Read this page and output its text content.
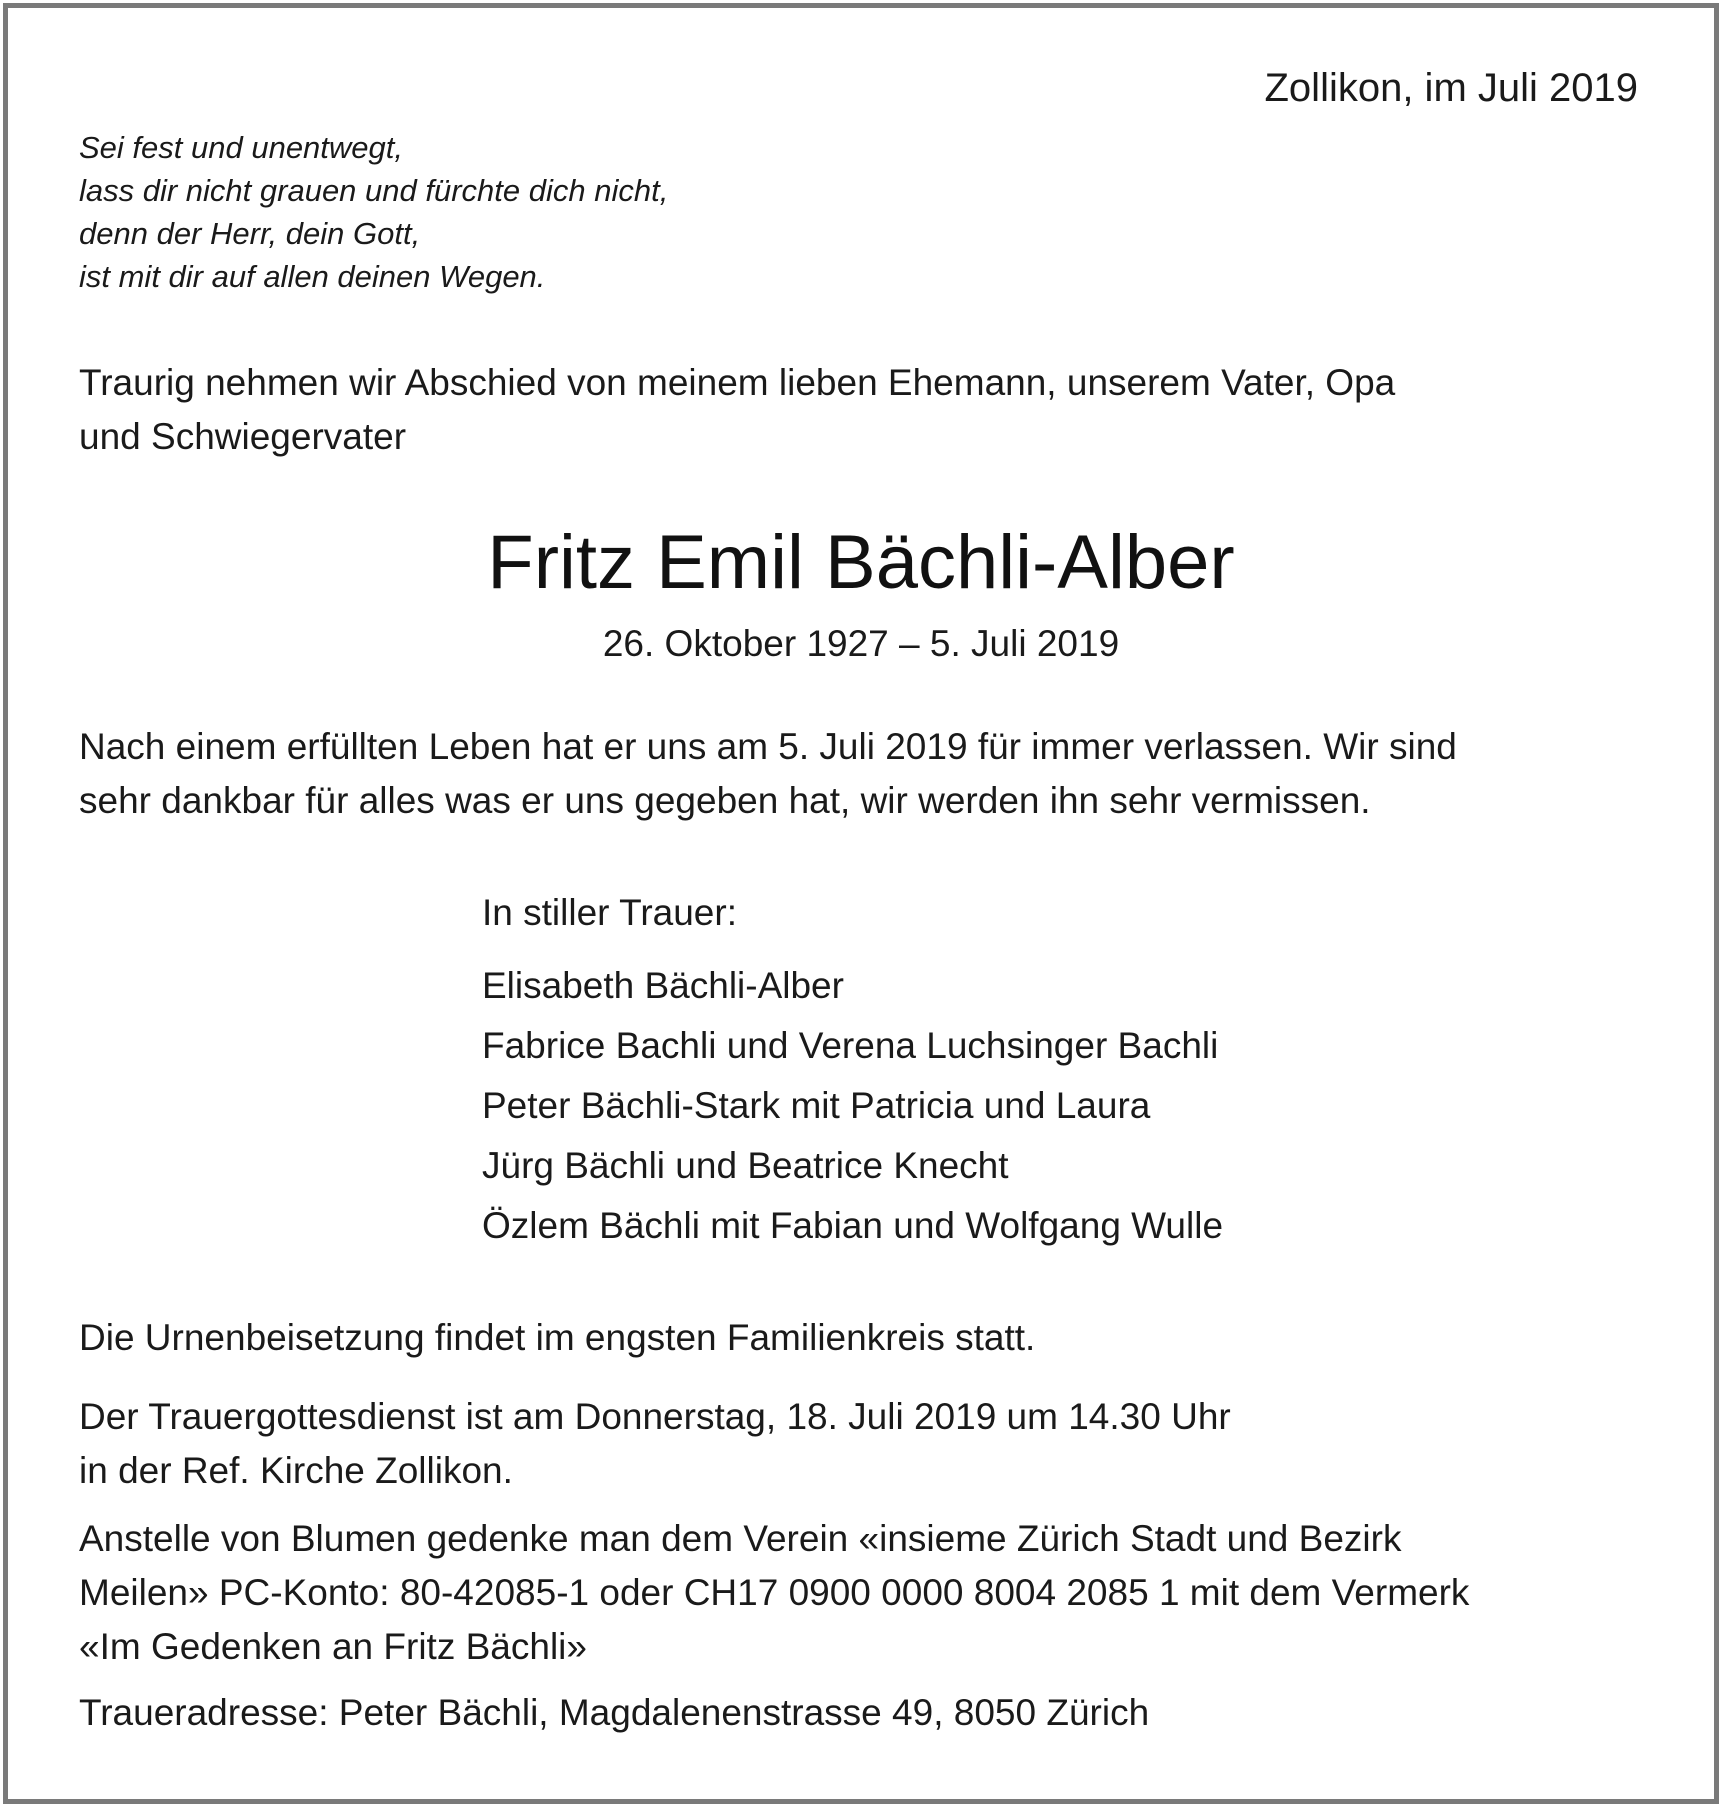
Zollikon, im Juli 2019

Sei fest und unentwegt,
lass dir nicht grauen und fürchte dich nicht,
denn der Herr, dein Gott,
ist mit dir auf allen deinen Wegen.
Traurig nehmen wir Abschied von meinem lieben Ehemann, unserem Vater, Opa
und Schwiegervater
Fritz Emil Bächli-Alber

26. Oktober 1927 – 5. Juli 2019

Nach einem erfüllten Leben hat er uns am 5. Juli 2019 für immer verlassen. Wir sind
sehr dankbar für alles was er uns gegeben hat, wir werden ihn sehr vermissen.

In stiller Trauer:

Elisabeth Bächli-Alber
Fabrice Bachli und Verena Luchsinger Bachli
Peter Bächli-Stark mit Patricia und Laura
Jürg Bächli und Beatrice Knecht
Özlem Bächli mit Fabian und Wolfgang Wulle

Die Urnenbeisetzung findet im engsten Familienkreis statt.

Der Trauergottesdienst ist am Donnerstag, 18. Juli 2019 um 14.30 Uhr
in der Ref. Kirche Zollikon.
Anstelle von Blumen gedenke man dem Verein «insieme Zürich Stadt und Bezirk
Meilen» PC-Konto: 80-42085-1 oder CH17 0900 0000 8004 2085 1 mit dem Vermerk
«Im Gedenken an Fritz Bächli»

Traueradresse: Peter Bächli, Magdalenenstrasse 49, 8050 Zürich
